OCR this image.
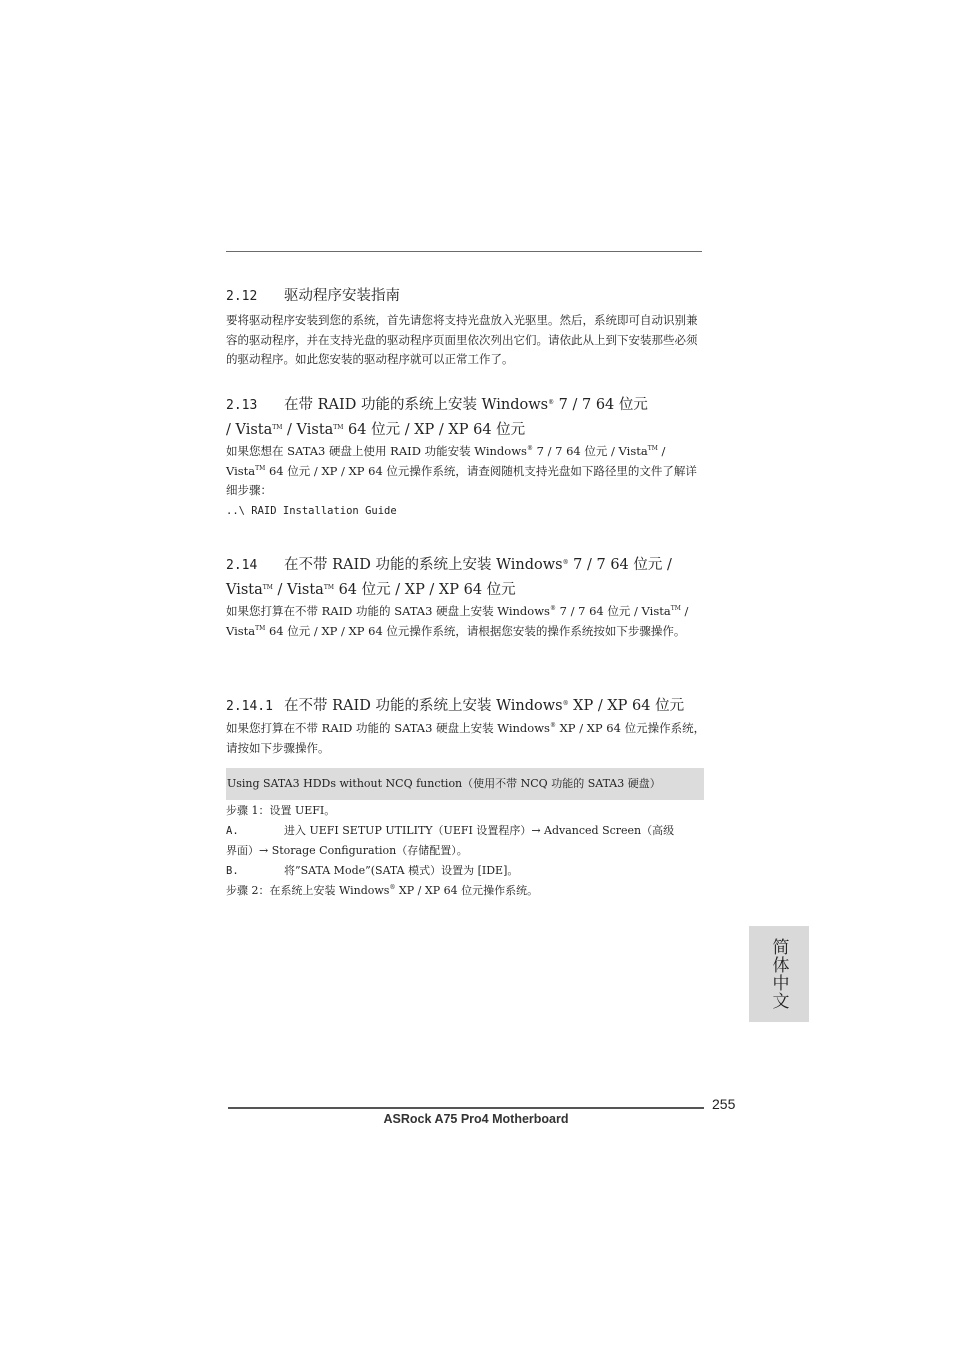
2.12 驱动程序安装指南
要将驱动程序安装到您的系统，首先请您将支持光盘放入光驱里。然后，系统即可自动识别兼容的驱动程序，并在支持光盘的驱动程序页面里依次列出它们。请依此从上到下安装那些必须的驱动程序。如此您安装的驱动程序就可以正常工作了。
2.13 在带 RAID 功能的系统上安装 Windows® 7 / 7 64 位元
/ Vista™ / Vista™ 64 位元 / XP / XP 64 位元
如果您想在 SATA3 硬盘上使用 RAID 功能安装 Windows® 7 / 7 64 位元 / Vista™ / Vista™ 64 位元 / XP / XP 64 位元操作系统，请查阅随机支持光盘如下路径里的文件了解详细步骤：
..\ RAID Installation Guide
2.14 在不带 RAID 功能的系统上安装 Windows® 7 / 7 64 位元 /
Vista™ / Vista™ 64 位元 / XP / XP 64 位元
如果您打算在不带 RAID 功能的 SATA3 硬盘上安装 Windows® 7 / 7 64 位元 / Vista™ / Vista™ 64 位元 / XP / XP 64 位元操作系统，请根据您安装的操作系统按如下步骤操作。
2.14.1 在不带 RAID 功能的系统上安装 Windows® XP / XP 64 位元
如果您打算在不带 RAID 功能的 SATA3 硬盘上安装 Windows® XP / XP 64 位元操作系统，请按如下步骤操作。
Using SATA3 HDDs without NCQ function（使用不带 NCQ 功能的 SATA3 硬盘）
步骤 1：设置 UEFI。
A.	进入 UEFI SETUP UTILITY（UEFI 设置程序）→ Advanced Screen（高级
界面）→ Storage Configuration（存储配置）。
B.	将”SATA Mode”(SATA 模式）设置为 [IDE]。
步骤 2：在系统上安装 Windows® XP / XP 64 位元操作系统。
简体中文
255
ASRock A75 Pro4 Motherboard
